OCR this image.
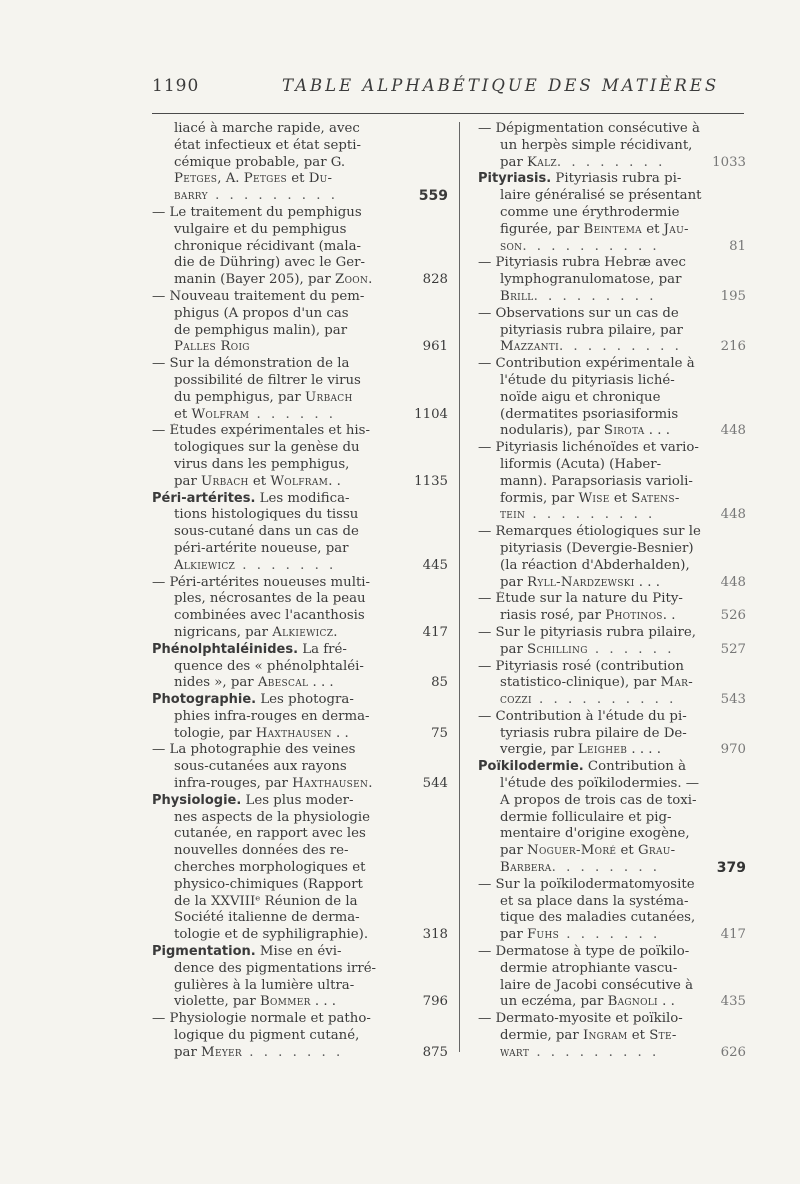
1190	TABLE ALPHABÉTIQUE DES MATIÈRES
liacé à marche rapide, avec
état infectieux et état septi-
cémique probable, par G.
Petges, A. Petges et Du-
barry . . . . . . . . .	559
— Le traitement du pemphigus
vulgaire et du pemphigus
chronique récidivant (mala-
die de Dühring) avec le Ger-
manin (Bayer 205), par Zoon.	828
— Nouveau traitement du pem-
phigus (A propos d'un cas
de pemphigus malin), par
Palles Roig	961
— Sur la démonstration de la
possibilité de filtrer le virus
du pemphigus, par Urbach
et Wolfram . . . . . .	1104
— Études expérimentales et his-
tologiques sur la genèse du
virus dans les pemphigus,
par Urbach et Wolfram. .	1135
Péri-artérites. Les modifica-
tions histologiques du tissu
sous-cutané dans un cas de
péri-artérite noueuse, par
Alkiewicz . . . . . . .	445
— Péri-artérites noueuses multi-
ples, nécrosantes de la peau
combinées avec l'acanthosis
nigricans, par Alkiewicz.	417
Phénolphtaléinides. La fré-
quence des « phénolphtaléi-
nides », par Abescal . . .	85
Photographie. Les photogra-
phies infra-rouges en derma-
tologie, par Haxthausen . .	75
— La photographie des veines
sous-cutanées aux rayons
infra-rouges, par Haxthausen.	544
Physiologie. Les plus moder-
nes aspects de la physiologie
cutanée, en rapport avec les
nouvelles données des re-
cherches morphologiques et
physico-chimiques (Rapport
de la XXVIIIᵉ Réunion de la
Société italienne de derma-
tologie et de syphiligraphie).	318
Pigmentation. Mise en évi-
dence des pigmentations irré-
gulières à la lumière ultra-
violette, par Bommer . . .	796
— Physiologie normale et patho-
logique du pigment cutané,
par Meyer . . . . . . .	875
— Dépigmentation consécutive à
un herpès simple récidivant,
par Kalz. . . . . . . .	1033
Pityriasis. Pityriasis rubra pi-
laire généralisé se présentant
comme une érythrodermie
figurée, par Beintema et Jau-
son. . . . . . . . . .	81
— Pityriasis rubra Hebræ avec
lymphogranulomatose, par
Brill. . . . . . . . .	195
— Observations sur un cas de
pityriasis rubra pilaire, par
Mazzanti. . . . . . . . .	216
— Contribution expérimentale à
l'étude du pityriasis liché-
noïde aigu et chronique
(dermatites psoriasiformis
nodularis), par Sirota . . .	448
— Pityriasis lichénoïdes et vario-
liformis (Acuta) (Haber-
mann). Parapsoriasis varioli-
formis, par Wise et Satens-
tein . . . . . . . . .	448
— Remarques étiologiques sur le
pityriasis (Devergie-Besnier)
(la réaction d'Abderhalden),
par Ryll-Nardzewski . . .	448
— Étude sur la nature du Pity-
riasis rosé, par Photinos. .	526
— Sur le pityriasis rubra pilaire,
par Schilling . . . . . .	527
— Pityriasis rosé (contribution
statistico-clinique), par Mar-
cozzi . . . . . . . . . .	543
— Contribution à l'étude du pi-
tyriasis rubra pilaire de De-
vergie, par Leigheb . . . .	970
Poïkilodermie. Contribution à
l'étude des poïkilodermies. —
A propos de trois cas de toxi-
dermie folliculaire et pig-
mentaire d'origine exogène,
par Noguer-Moré et Grau-
Barbera. . . . . . . .	379
— Sur la poïkilodermatomyosite
et sa place dans la systéma-
tique des maladies cutanées,
par Fuhs . . . . . . .	417
— Dermatose à type de poïkilo-
dermie atrophiante vascu-
laire de Jacobi consécutive à
un eczéma, par Bagnoli . .	435
— Dermato-myosite et poïkilo-
dermie, par Ingram et Ste-
wart . . . . . . . . .	626
